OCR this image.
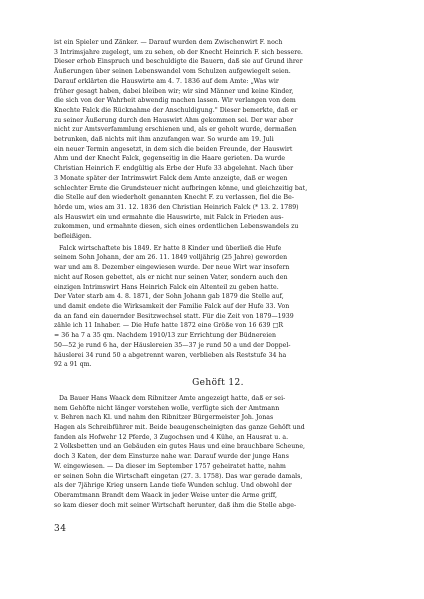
ist ein Spieler und Zänker. — Darauf wurden dem Zwischenwirt F. noch
3 Intrimsjahre zugelegt, um zu sehen, ob der Knecht Heinrich F. sich bessere.
Dieser erhob Einspruch und beschuldigte die Bauern, daß sie auf Grund ihrer
Äußerungen über seinen Lebenswandel vom Schulzen aufgewiegelt seien.
Darauf erklärten die Hauswirte am 4. 7. 1836 auf dem Amte: „Was wir
früher gesagt haben, dabei bleiben wir; wir sind Männer und keine Kinder,
die sich von der Wahrheit abwendig machen lassen. Wir verlangen von dem
Knechte Falck die Rücknahme der Anschuldigung." Dieser bemerkte, daß er
zu seiner Äußerung durch den Hauswirt Ahm gekommen sei. Der war aber
nicht zur Amtsverfammlung erschienen und, als er geholt wurde, dermaßen
betrunken, daß nichts mit ihm anzufangen war. So wurde am 19. Juli
ein neuer Termin angesetzt, in dem sich die beiden Freunde, der Hauswirt
Ahm und der Knecht Falck, gegenseitig in die Haare gerieten. Da wurde
Christian Heinrich F. endgültig als Erbe der Hufe 33 abgelehnt. Nach über
3 Monate später der Intrimswirt Falck dem Amte anzeigte, daß er wegen
schlechter Ernte die Grundsteuer nicht aufbringen könne, und gleichzeitig bat,
die Stelle auf den wiederholt genannten Knecht F. zu verlassen, fiel die Be-
hörde um, wies am 31. 12. 1836 den Christian Heinrich Falck (* 13. 2. 1789)
als Hauswirt ein und ermahnte die Hauswirte, mit Falck in Frieden aus-
zukommen, und ermahnte diesen, sich eines ordentlichen Lebenswandels zu
befleißigen.
Falck wirtschaftete bis 1849. Er hatte 8 Kinder und überließ die Hufe
seinem Sohn Johann, der am 26. 11. 1849 volljährig (25 Jahre) geworden
war und am 8. Dezember eingewiesen wurde. Der neue Wirt war insofern
nicht auf Rosen gebettet, als er nicht nur seinen Vater, sondern auch den
einzigen Intrimswirt Hans Heinrich Falck ein Altenteil zu geben hatte.
Der Vater starb am 4. 8. 1871, der Sohn Johann gab 1879 die Stelle auf,
und damit endete die Wirksamkeit der Familie Falck auf der Hufe 33. Von
da an fand ein dauernder Besitzwechsel statt. Für die Zeit von 1879—1939
zähle ich 11 Inhaber. — Die Hufe hatte 1872 eine Größe von 16 639 □R
= 36 ha 7 a 35 qm. Nachdem 1910/13 zur Errichtung der Büdnereien
50—52 je rund 6 ha, der Häuslereien 35—37 je rund 50 a und der Doppel-
häuslerei 34 rund 50 a abgetrennt waren, verblieben als Reststufe 34 ha
92 a 91 qm.
Gehöft 12.
Da Bauer Hans Waack dem Ribnitzer Amte angezeigt hatte, daß er sei-
nem Gehöfte nicht länger vorstehen wolle, verfügte sich der Amtmann
v. Behren nach Kl. und nahm den Ribnitzer Bürgermeister Joh. Jonas
Hagen als Schreibführer mit. Beide beaugenscheinigten das ganze Gehöft und
fanden als Hofwehr 12 Pferde, 3 Zugochsen und 4 Kühe, an Hausrat u. a.
2 Volksbetten und an Gebäuden ein gutes Haus und eine brauchbare Scheune,
doch 3 Katen, der dem Einsturze nahe war. Darauf wurde der junge Hans
W. eingewiesen. — Da dieser im September 1757 geheiratet hatte, nahm
er seinen Sohn die Wirtschaft eingetan (27. 3. 1758). Das war gerade damals,
als der 7jährige Krieg unsern Lande tiefe Wunden schlug. Und obwohl der
Oberamtmann Brandt dem Waack in jeder Weise unter die Arme griff,
so kam dieser doch mit seiner Wirtschaft herunter, daß ihm die Stelle abge-
34
